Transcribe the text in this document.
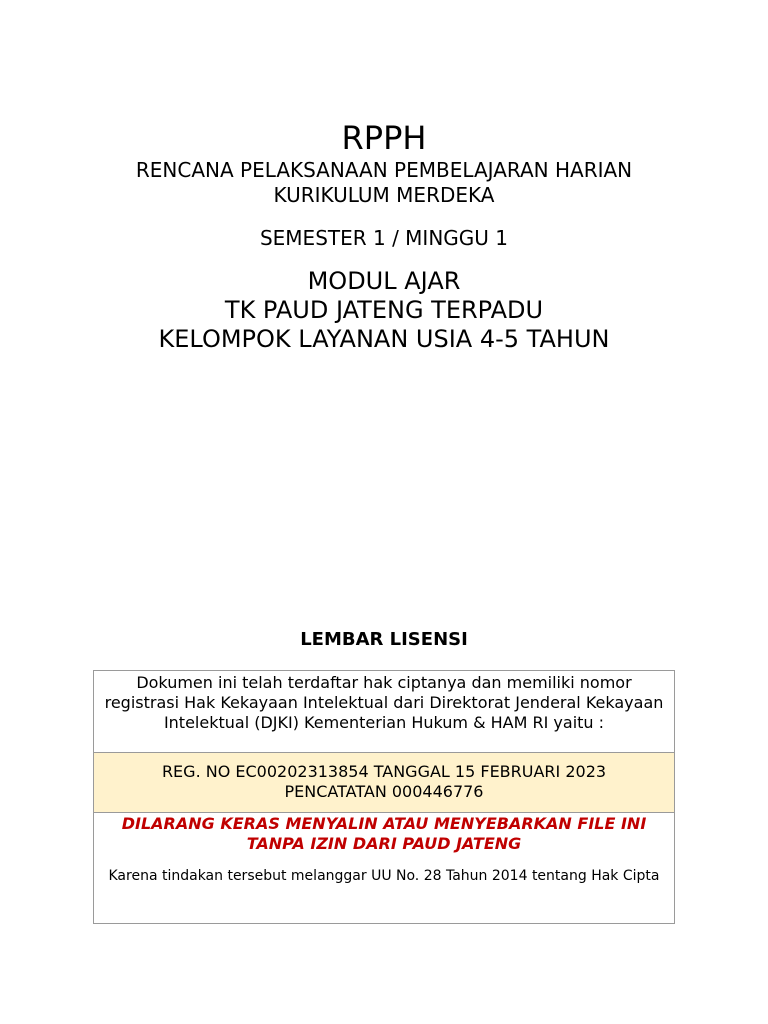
RPPH
RENCANA PELAKSANAAN PEMBELAJARAN HARIAN
KURIKULUM MERDEKA
SEMESTER 1 / MINGGU 1
MODUL AJAR
TK PAUD JATENG TERPADU
KELOMPOK LAYANAN USIA 4-5 TAHUN
LEMBAR LISENSI
Dokumen ini telah terdaftar hak ciptanya dan memiliki nomor registrasi Hak Kekayaan Intelektual dari Direktorat Jenderal Kekayaan Intelektual (DJKI) Kementerian Hukum & HAM RI yaitu :
REG. NO EC00202313854 TANGGAL 15 FEBRUARI 2023
PENCATATAN 000446776
DILARANG KERAS MENYALIN ATAU MENYEBARKAN FILE INI
TANPA IZIN DARI PAUD JATENG
Karena tindakan tersebut melanggar UU No. 28 Tahun 2014 tentang Hak Cipta
